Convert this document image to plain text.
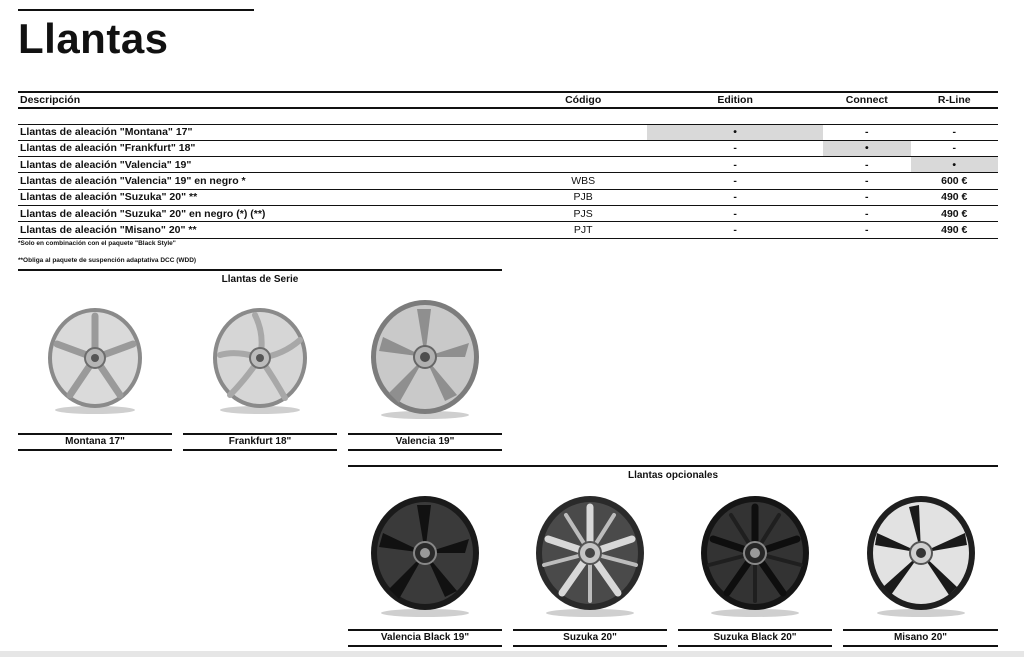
Llantas
Descripción	Código	Edition	Connect	R-Line

Llantas de aleación "Montana" 17"		•	-	-
Llantas de aleación "Frankfurt" 18"		-	•	-
Llantas de aleación "Valencia" 19"		-	-	•
Llantas de aleación "Valencia" 19" en negro *	WBS	-	-	600 €
Llantas de aleación "Suzuka" 20" **	PJB	-	-	490 €
Llantas de aleación "Suzuka" 20" en negro (*) (**)	PJS	-	-	490 €
Llantas de aleación "Misano" 20" **	PJT	-	-	490 €
*Solo en combinación con el paquete "Black Style"
**Obliga al paquete de suspención adaptativa DCC (WDD)
Llantas de Serie
Montana 17"	Frankfurt 18"	Valencia 19"
Llantas opcionales
Valencia Black 19"	Suzuka 20"	Suzuka Black 20"	Misano 20"
